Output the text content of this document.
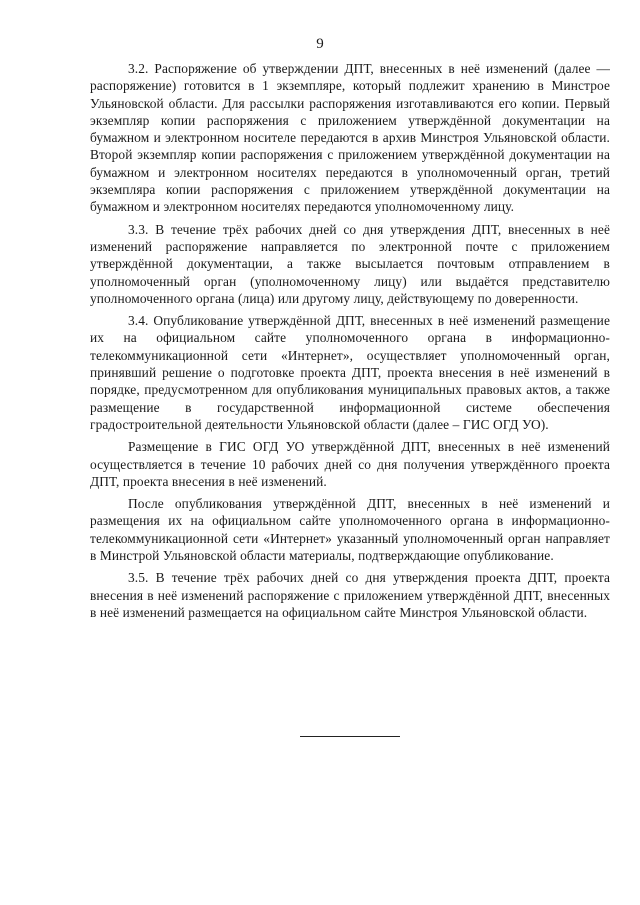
9

3.2. Распоряжение об утверждении ДПТ, внесенных в неё изменений (далее — распоряжение) готовится в 1 экземпляре, который подлежит хранению в Минстрое Ульяновской области. Для рассылки распоряжения изготавливаются его копии. Первый экземпляр копии распоряжения с приложением утверждённой документации на бумажном и электронном носителе передаются в архив Минстроя Ульяновской области. Второй экземпляр копии распоряжения с приложением утверждённой документации на бумажном и электронном носителях передаются в уполномоченный орган, третий экземпляра копии распоряжения с приложением утверждённой документации на бумажном и электронном носителях передаются уполномоченному лицу.

3.3. В течение трёх рабочих дней со дня утверждения ДПТ, внесенных в неё изменений распоряжение направляется по электронной почте с приложением утверждённой документации, а также высылается почтовым отправлением в уполномоченный орган (уполномоченному лицу) или выдаётся представителю уполномоченного органа (лица) или другому лицу, действующему по доверенности.

3.4. Опубликование утверждённой ДПТ, внесенных в неё изменений размещение их на официальном сайте уполномоченного органа в информационно-телекоммуникационной сети «Интернет», осуществляет уполномоченный орган, принявший решение о подготовке проекта ДПТ, проекта внесения в неё изменений в порядке, предусмотренном для опубликования муниципальных правовых актов, а также размещение в государственной информационной системе обеспечения градостроительной деятельности Ульяновской области (далее – ГИС ОГД УО).

Размещение в ГИС ОГД УО утверждённой ДПТ, внесенных в неё изменений осуществляется в течение 10 рабочих дней со дня получения утверждённого проекта ДПТ, проекта внесения в неё изменений.

После опубликования утверждённой ДПТ, внесенных в неё изменений и размещения их на официальном сайте уполномоченного органа в информационно-телекоммуникационной сети «Интернет» указанный уполномоченный орган направляет в Минстрой Ульяновской области материалы, подтверждающие опубликование.

3.5. В течение трёх рабочих дней со дня утверждения проекта ДПТ, проекта внесения в неё изменений распоряжение с приложением утверждённой ДПТ, внесенных в неё изменений размещается на официальном сайте Минстроя Ульяновской области.
